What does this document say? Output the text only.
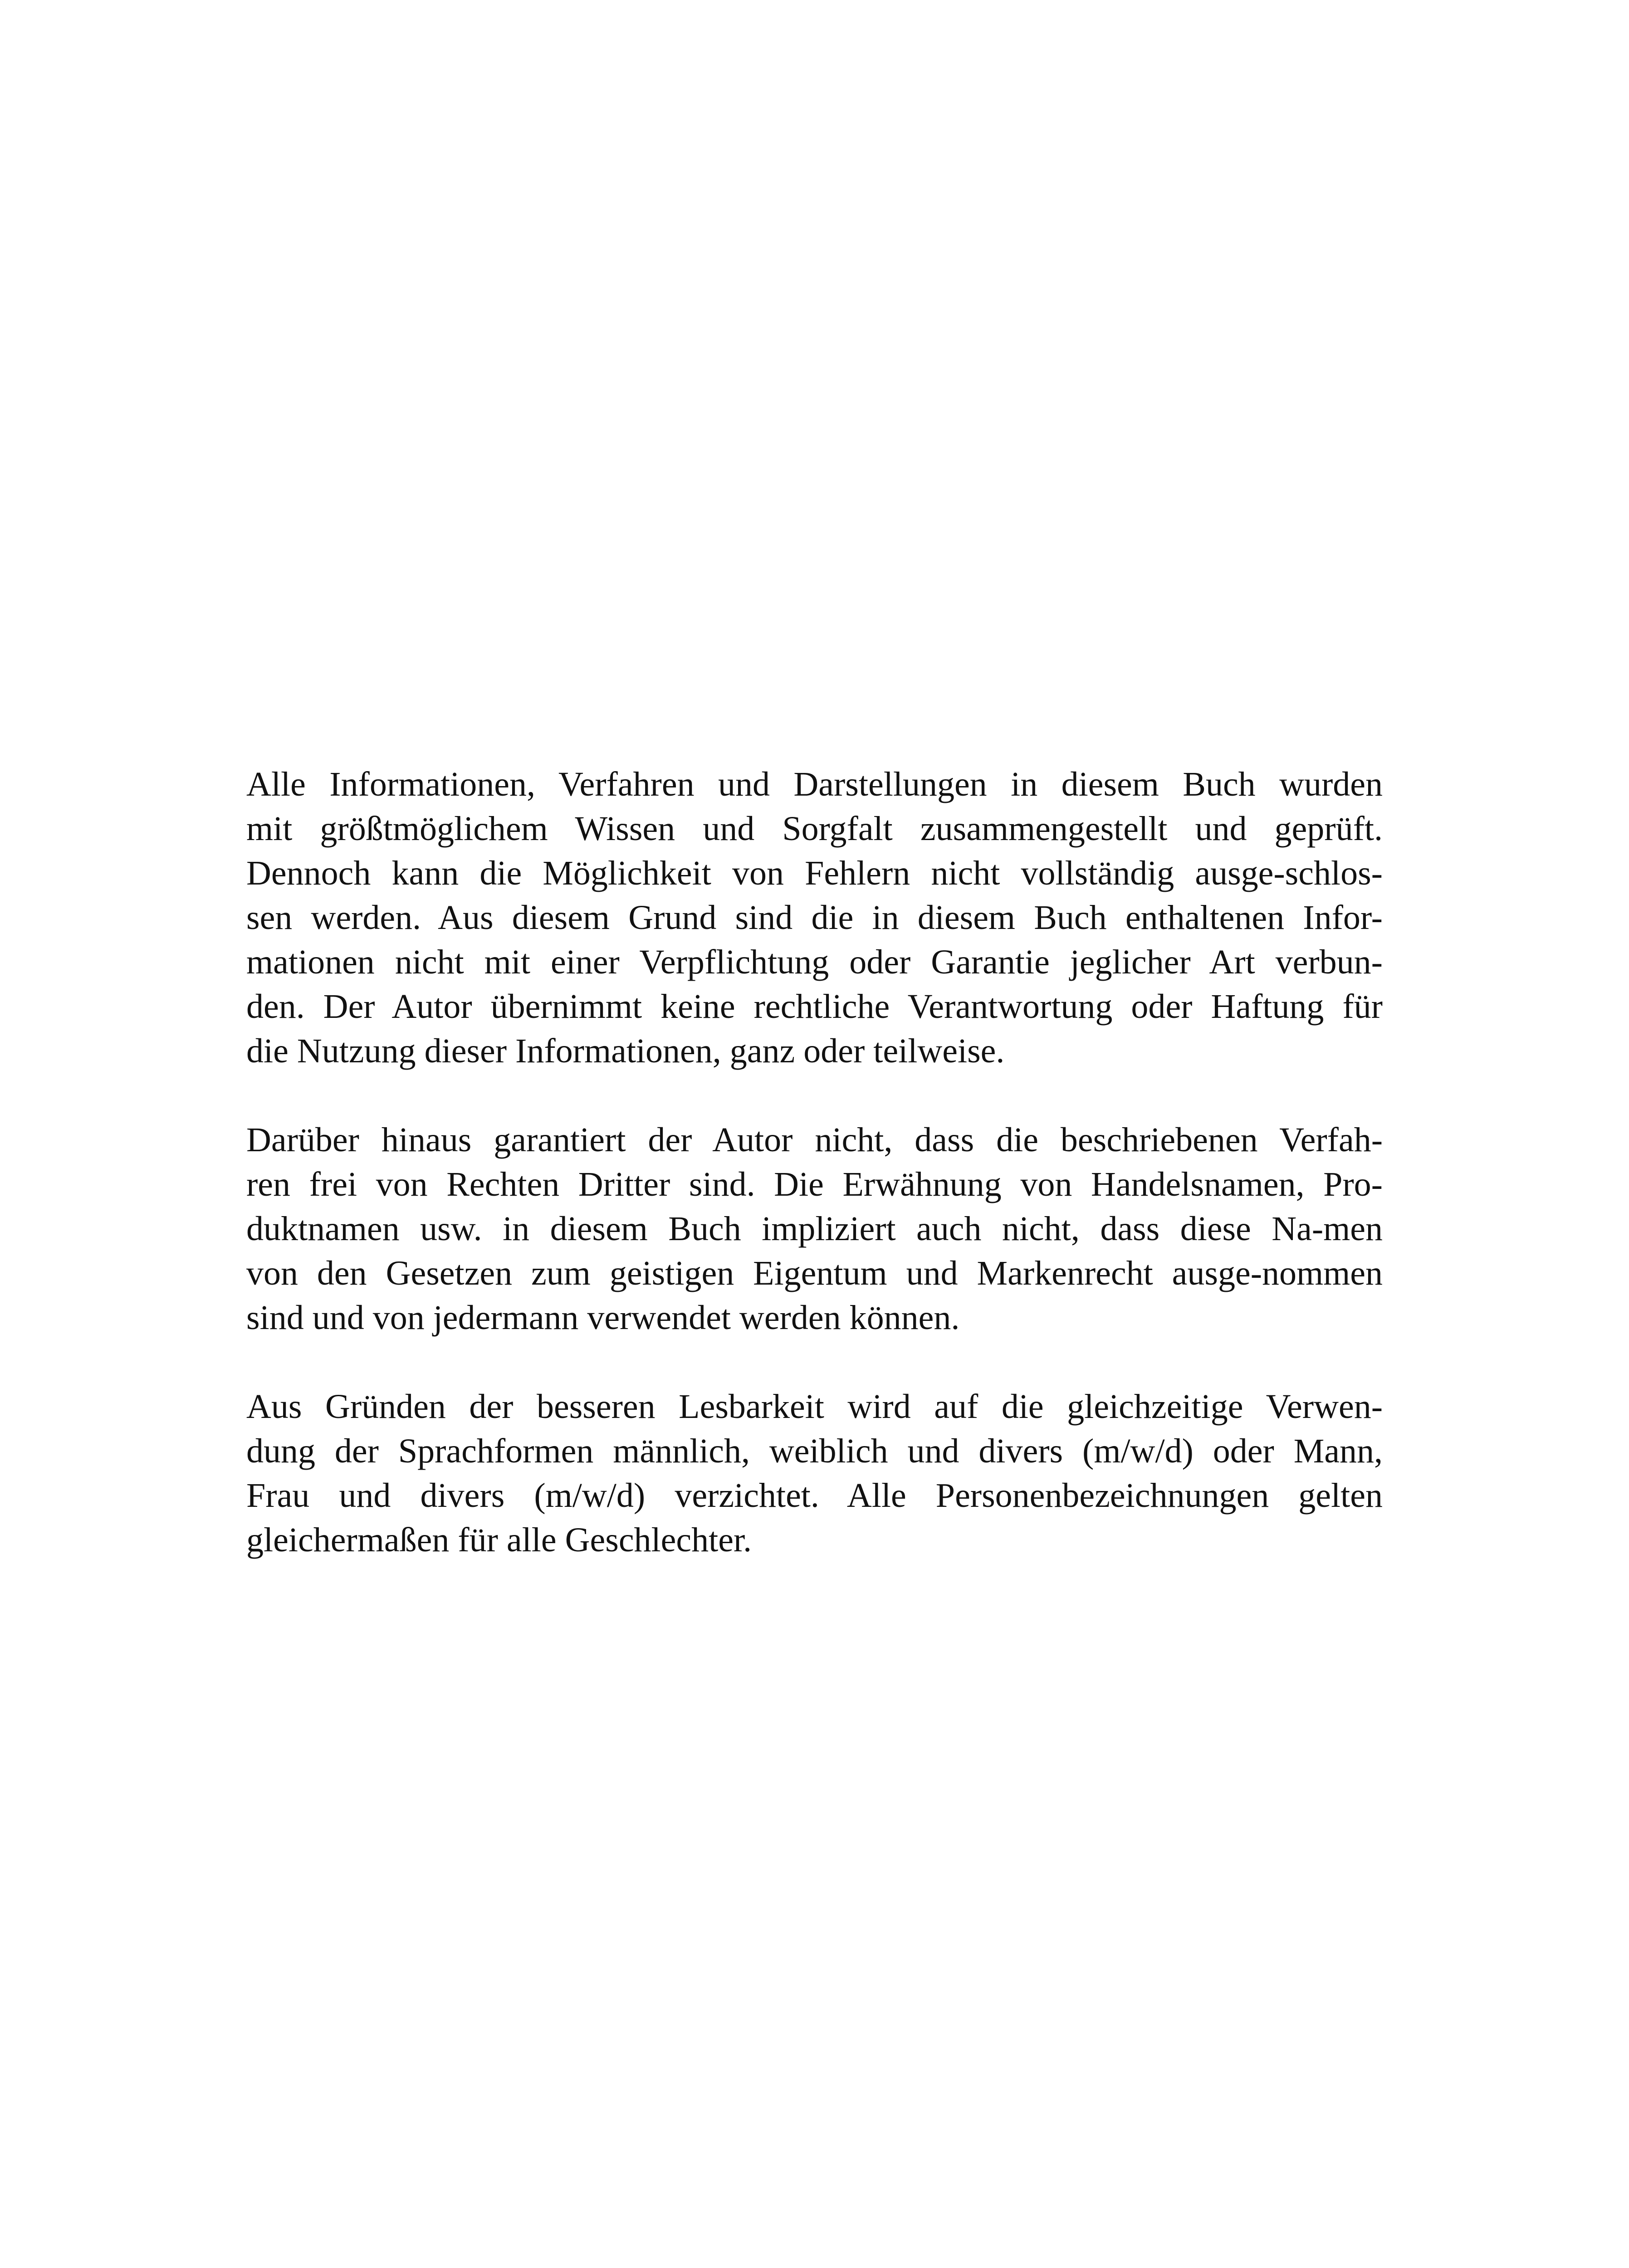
Alle Informationen, Verfahren und Darstellungen in diesem Buch wurden
mit größtmöglichem Wissen und Sorgfalt zusammengestellt und geprüft.
Dennoch kann die Möglichkeit von Fehlern nicht vollständig ausge-schlos-
sen werden. Aus diesem Grund sind die in diesem Buch enthaltenen Infor-
mationen nicht mit einer Verpflichtung oder Garantie jeglicher Art verbun-
den. Der Autor übernimmt keine rechtliche Verantwortung oder Haftung für
die Nutzung dieser Informationen, ganz oder teilweise.

Darüber hinaus garantiert der Autor nicht, dass die beschriebenen Verfah-
ren frei von Rechten Dritter sind. Die Erwähnung von Handelsnamen, Pro-
duktnamen usw. in diesem Buch impliziert auch nicht, dass diese Na-men
von den Gesetzen zum geistigen Eigentum und Markenrecht ausge-nommen
sind und von jedermann verwendet werden können.

Aus Gründen der besseren Lesbarkeit wird auf die gleichzeitige Verwen-
dung der Sprachformen männlich, weiblich und divers (m/w/d) oder Mann,
Frau und divers (m/w/d) verzichtet. Alle Personenbezeichnungen gelten
gleichermaßen für alle Geschlechter.
